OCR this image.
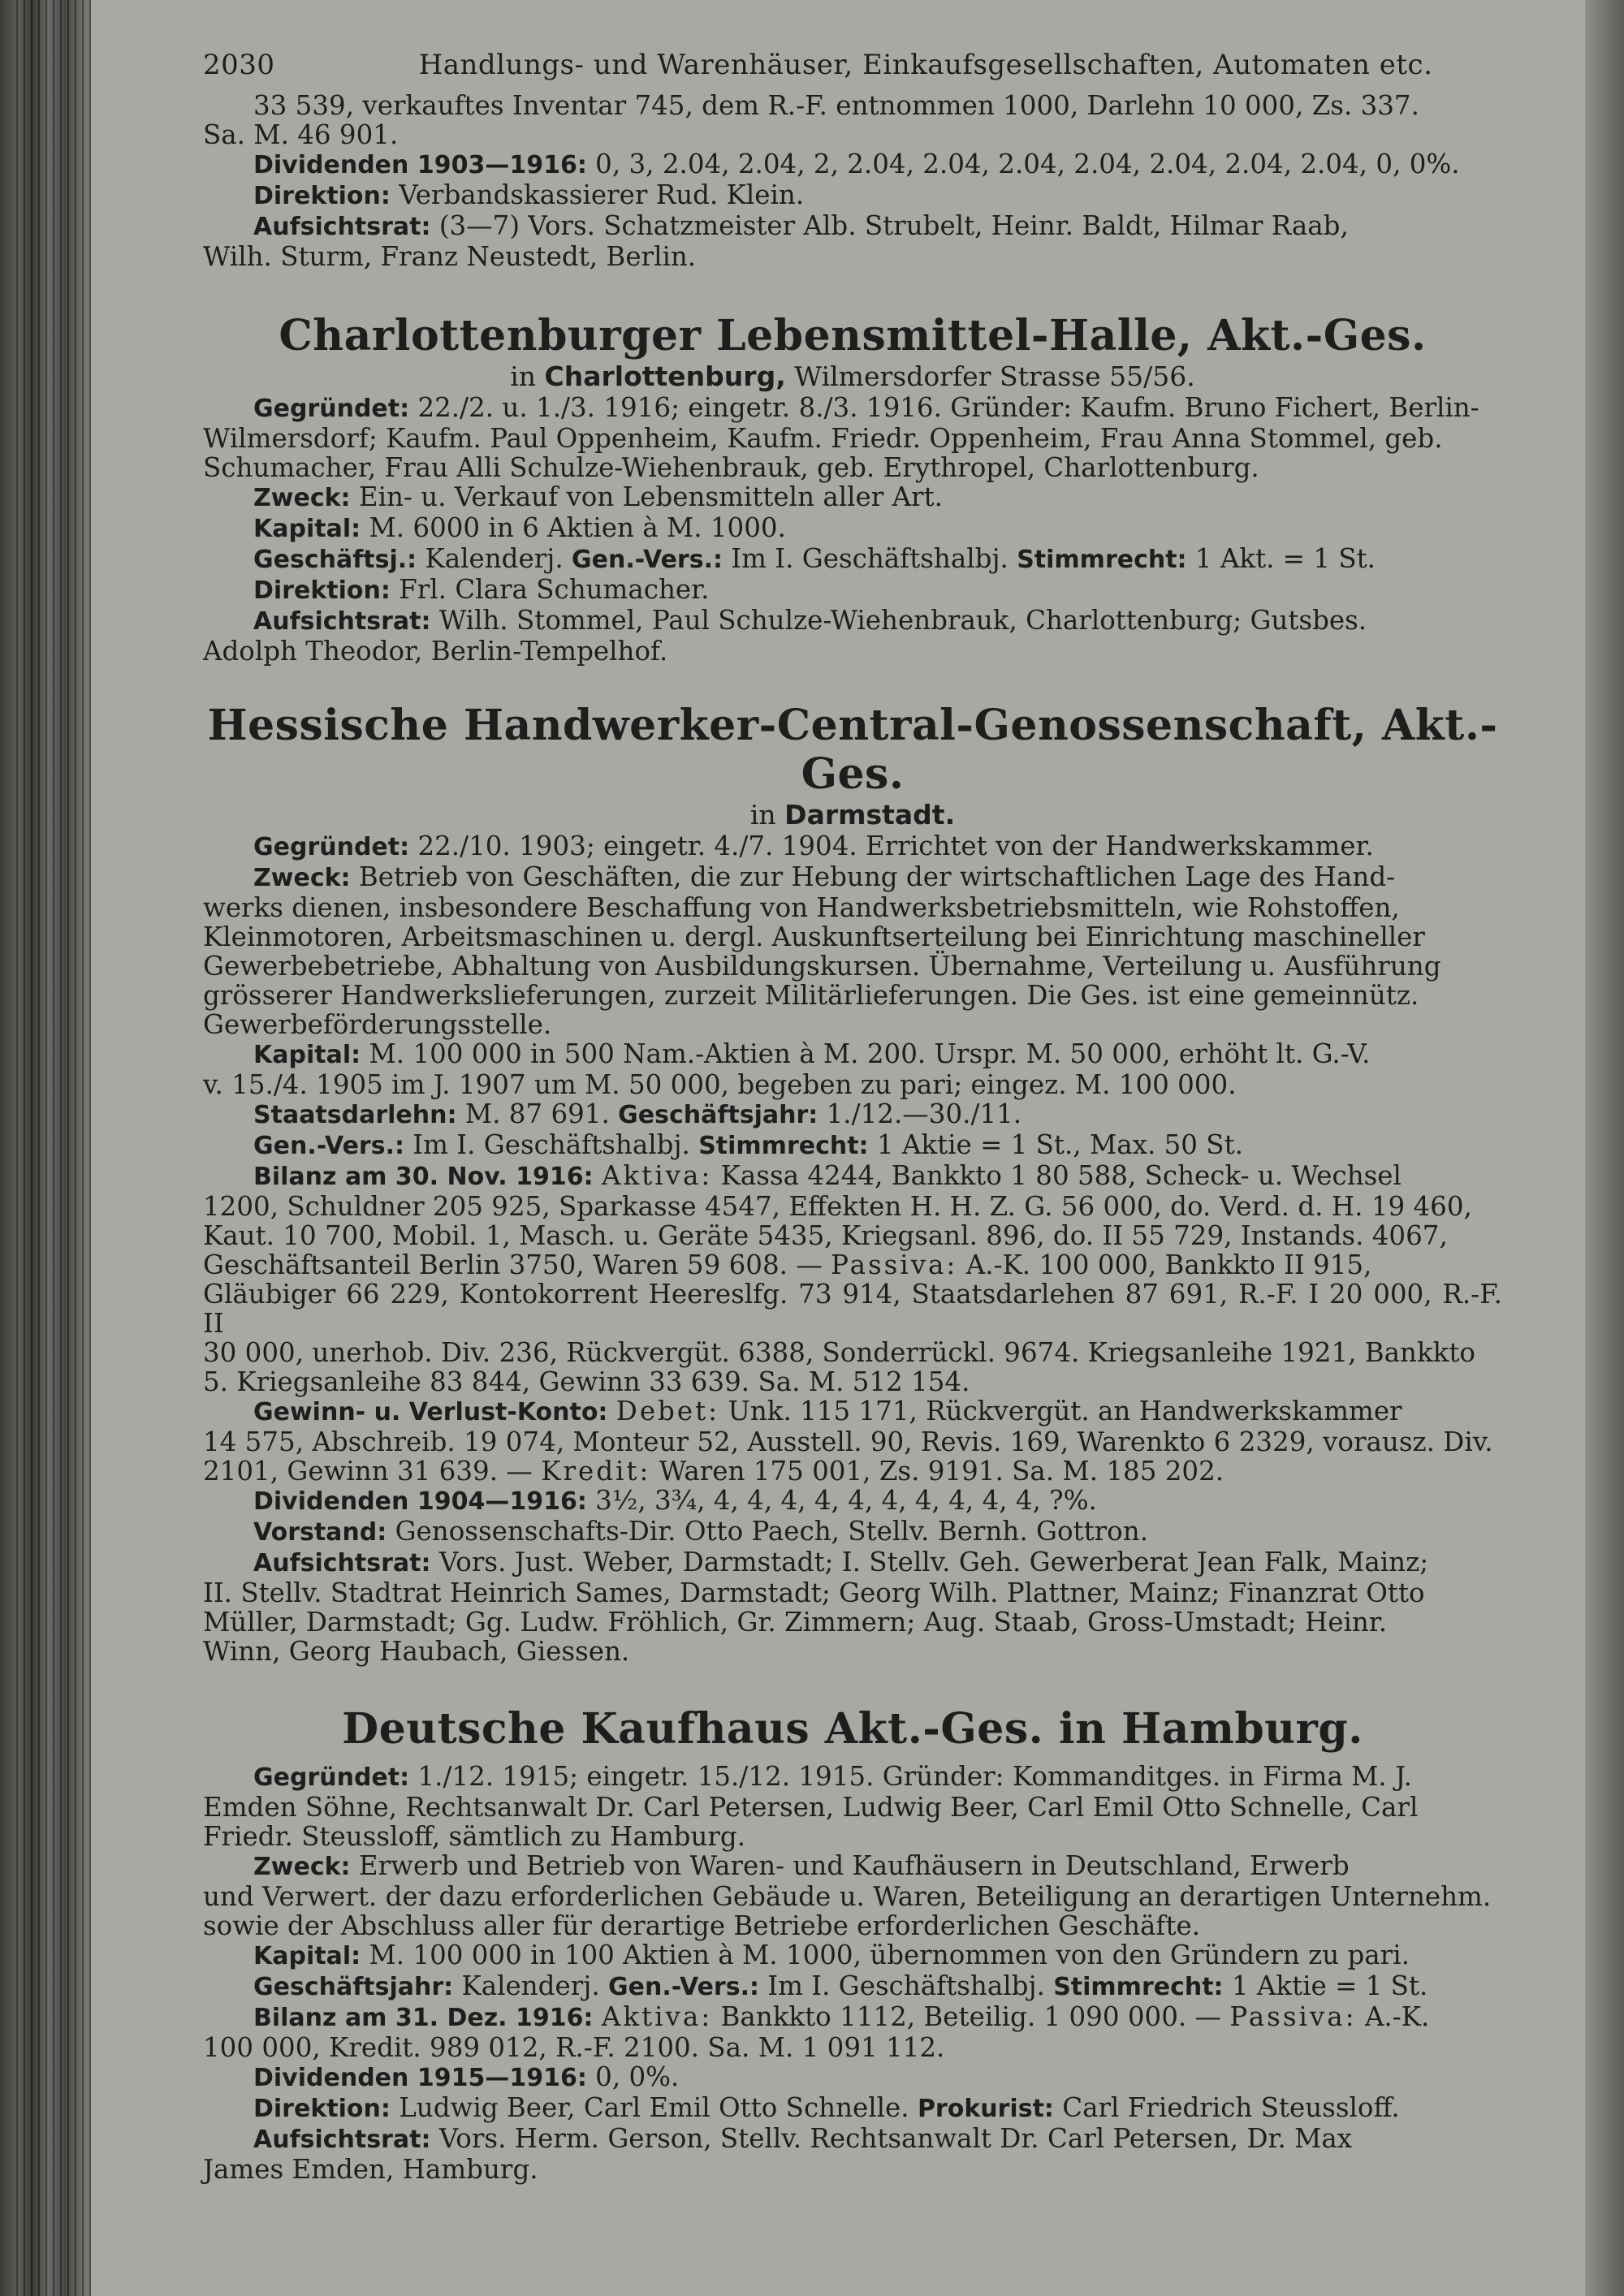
2030	Handlungs- und Warenhäuser, Einkaufsgesellschaften, Automaten etc.

33 539, verkauftes Inventar 745, dem R.-F. entnommen 1000, Darlehn 10 000, Zs. 337.

Sa. M. 46 901.

Dividenden 1903—1916: 0, 3, 2.04, 2.04, 2, 2.04, 2.04, 2.04, 2.04, 2.04, 2.04, 2.04, 0, 0%.

Direktion: Verbandskassierer Rud. Klein.

Aufsichtsrat: (3—7) Vors. Schatzmeister Alb. Strubelt, Heinr. Baldt, Hilmar Raab,

Wilh. Sturm, Franz Neustedt, Berlin.

Charlottenburger Lebensmittel-Halle, Akt.-Ges.
in Charlottenburg, Wilmersdorfer Strasse 55/56.

Gegründet: 22./2. u. 1./3. 1916; eingetr. 8./3. 1916. Gründer: Kaufm. Bruno Fichert, Berlin-

Wilmersdorf; Kaufm. Paul Oppenheim, Kaufm. Friedr. Oppenheim, Frau Anna Stommel, geb.

Schumacher, Frau Alli Schulze-Wiehenbrauk, geb. Erythropel, Charlottenburg.

Zweck: Ein- u. Verkauf von Lebensmitteln aller Art.

Kapital: M. 6000 in 6 Aktien à M. 1000.

Geschäftsj.: Kalenderj. Gen.-Vers.: Im I. Geschäftshalbj. Stimmrecht: 1 Akt. = 1 St.

Direktion: Frl. Clara Schumacher.

Aufsichtsrat: Wilh. Stommel, Paul Schulze-Wiehenbrauk, Charlottenburg; Gutsbes.

Adolph Theodor, Berlin-Tempelhof.

Hessische Handwerker-Central-Genossenschaft, Akt.-Ges.
in Darmstadt.

Gegründet: 22./10. 1903; eingetr. 4./7. 1904. Errichtet von der Handwerkskammer.

Zweck: Betrieb von Geschäften, die zur Hebung der wirtschaftlichen Lage des Hand-

werks dienen, insbesondere Beschaffung von Handwerksbetriebsmitteln, wie Rohstoffen,

Kleinmotoren, Arbeitsmaschinen u. dergl. Auskunftserteilung bei Einrichtung maschineller

Gewerbebetriebe, Abhaltung von Ausbildungskursen. Übernahme, Verteilung u. Ausführung

grösserer Handwerkslieferungen, zurzeit Militärlieferungen. Die Ges. ist eine gemeinnütz.

Gewerbeförderungsstelle.

Kapital: M. 100 000 in 500 Nam.-Aktien à M. 200. Urspr. M. 50 000, erhöht lt. G.-V.

v. 15./4. 1905 im J. 1907 um M. 50 000, begeben zu pari; eingez. M. 100 000.

Staatsdarlehn: M. 87 691. Geschäftsjahr: 1./12.—30./11.

Gen.-Vers.: Im I. Geschäftshalbj. Stimmrecht: 1 Aktie = 1 St., Max. 50 St.

Bilanz am 30. Nov. 1916: Aktiva: Kassa 4244, Bankkto 1 80 588, Scheck- u. Wechsel

1200, Schuldner 205 925, Sparkasse 4547, Effekten H. H. Z. G. 56 000, do. Verd. d. H. 19 460,

Kaut. 10 700, Mobil. 1, Masch. u. Geräte 5435, Kriegsanl. 896, do. II 55 729, Instands. 4067,

Geschäftsanteil Berlin 3750, Waren 59 608. — Passiva: A.-K. 100 000, Bankkto II 915,

Gläubiger 66 229, Kontokorrent Heereslfg. 73 914, Staatsdarlehen 87 691, R.-F. I 20 000, R.-F. II

30 000, unerhob. Div. 236, Rückvergüt. 6388, Sonderrückl. 9674. Kriegsanleihe 1921, Bankkto

5. Kriegsanleihe 83 844, Gewinn 33 639. Sa. M. 512 154.

Gewinn- u. Verlust-Konto: Debet: Unk. 115 171, Rückvergüt. an Handwerkskammer

14 575, Abschreib. 19 074, Monteur 52, Ausstell. 90, Revis. 169, Warenkto 6 2329, vorausz. Div.

2101, Gewinn 31 639. — Kredit: Waren 175 001, Zs. 9191. Sa. M. 185 202.

Dividenden 1904—1916: 3½, 3¾, 4, 4, 4, 4, 4, 4, 4, 4, 4, 4, ?%.

Vorstand: Genossenschafts-Dir. Otto Paech, Stellv. Bernh. Gottron.

Aufsichtsrat: Vors. Just. Weber, Darmstadt; I. Stellv. Geh. Gewerberat Jean Falk, Mainz;

II. Stellv. Stadtrat Heinrich Sames, Darmstadt; Georg Wilh. Plattner, Mainz; Finanzrat Otto

Müller, Darmstadt; Gg. Ludw. Fröhlich, Gr. Zimmern; Aug. Staab, Gross-Umstadt; Heinr.

Winn, Georg Haubach, Giessen.

Deutsche Kaufhaus Akt.-Ges. in Hamburg.

Gegründet: 1./12. 1915; eingetr. 15./12. 1915. Gründer: Kommanditges. in Firma M. J.

Emden Söhne, Rechtsanwalt Dr. Carl Petersen, Ludwig Beer, Carl Emil Otto Schnelle, Carl

Friedr. Steussloff, sämtlich zu Hamburg.

Zweck: Erwerb und Betrieb von Waren- und Kaufhäusern in Deutschland, Erwerb

und Verwert. der dazu erforderlichen Gebäude u. Waren, Beteiligung an derartigen Unternehm.

sowie der Abschluss aller für derartige Betriebe erforderlichen Geschäfte.

Kapital: M. 100 000 in 100 Aktien à M. 1000, übernommen von den Gründern zu pari.

Geschäftsjahr: Kalenderj. Gen.-Vers.: Im I. Geschäftshalbj. Stimmrecht: 1 Aktie = 1 St.

Bilanz am 31. Dez. 1916: Aktiva: Bankkto 1112, Beteilig. 1 090 000. — Passiva: A.-K.

100 000, Kredit. 989 012, R.-F. 2100. Sa. M. 1 091 112.

Dividenden 1915—1916: 0, 0%.

Direktion: Ludwig Beer, Carl Emil Otto Schnelle. Prokurist: Carl Friedrich Steussloff.

Aufsichtsrat: Vors. Herm. Gerson, Stellv. Rechtsanwalt Dr. Carl Petersen, Dr. Max

James Emden, Hamburg.
